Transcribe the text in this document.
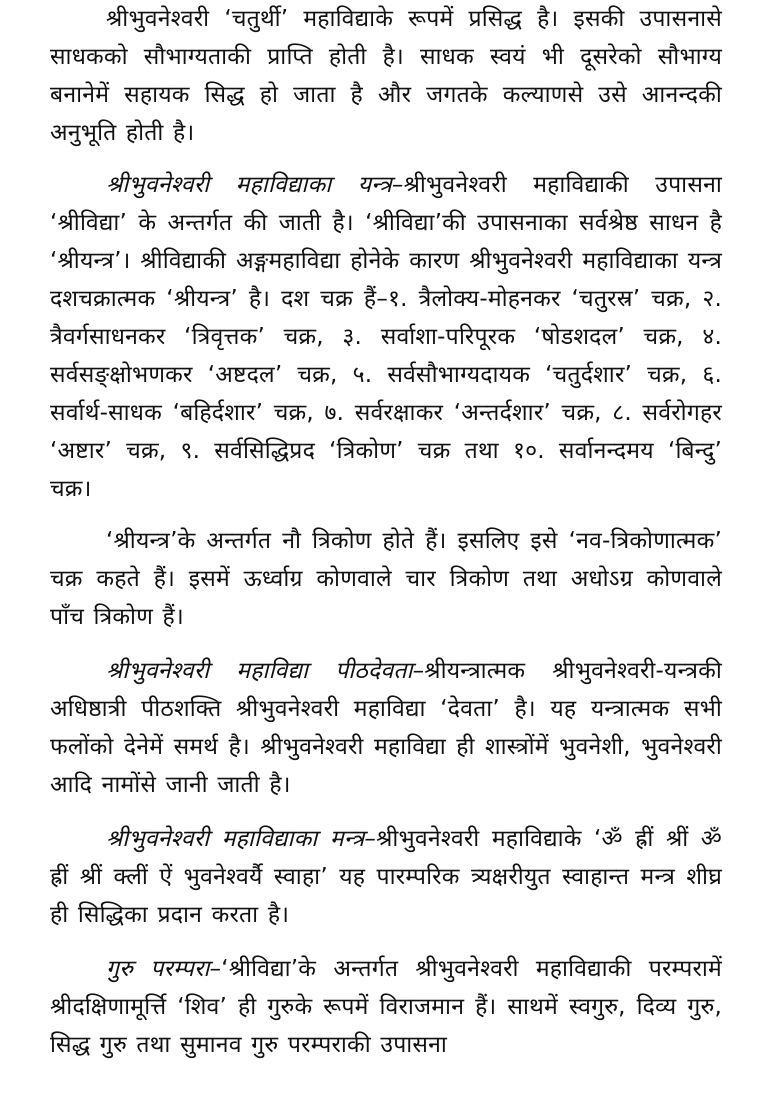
श्रीभुवनेश्वरी ‘चतुर्थी’ महाविद्याके रूपमें प्रसिद्ध है। इसकी उपासनासे साधकको सौभाग्यताकी प्राप्ति होती है। साधक स्वयं भी दूसरेको सौभाग्य बनानेमें सहायक सिद्ध हो जाता है और जगतके कल्याणसे उसे आनन्दकी अनुभूति होती है।

श्रीभुवनेश्वरी महाविद्याका यन्त्र–श्रीभुवनेश्वरी महाविद्याकी उपासना ‘श्रीविद्या’ के अन्तर्गत की जाती है। ‘श्रीविद्या’की उपासनाका सर्वश्रेष्ठ साधन है ‘श्रीयन्त्र’। श्रीविद्याकी अङ्गमहाविद्या होनेके कारण श्रीभुवनेश्वरी महाविद्याका यन्त्र दशचक्रात्मक ‘श्रीयन्त्र’ है। दश चक्र हैं–१. त्रैलोक्य-मोहनकर ‘चतुरस्र’ चक्र, २. त्रैवर्गसाधनकर ‘त्रिवृत्तक’ चक्र, ३. सर्वाशा-परिपूरक ‘षोडशदल’ चक्र, ४. सर्वसङ्क्षोभणकर ‘अष्टदल’ चक्र, ५. सर्वसौभाग्यदायक ‘चतुर्दशार’ चक्र, ६. सर्वार्थ-साधक ‘बहिर्दशार’ चक्र, ७. सर्वरक्षाकर ‘अन्तर्दशार’ चक्र, ८. सर्वरोगहर ‘अष्टार’ चक्र, ९. सर्वसिद्धिप्रद ‘त्रिकोण’ चक्र तथा १०. सर्वानन्दमय ‘बिन्दु’ चक्र।

‘श्रीयन्त्र’के अन्तर्गत नौ त्रिकोण होते हैं। इसलिए इसे ‘नव-त्रिकोणात्मक’ चक्र कहते हैं। इसमें ऊर्ध्वाग्र कोणवाले चार त्रिकोण तथा अधोऽग्र कोणवाले पाँच त्रिकोण हैं।

श्रीभुवनेश्वरी महाविद्या पीठदेवता–श्रीयन्त्रात्मक श्रीभुवनेश्वरी-यन्त्रकी अधिष्ठात्री पीठशक्ति श्रीभुवनेश्वरी महाविद्या ‘देवता’ है। यह यन्त्रात्मक सभी फलोंको देनेमें समर्थ है। श्रीभुवनेश्वरी महाविद्या ही शास्त्रोंमें भुवनेशी, भुवनेश्वरी आदि नामोंसे जानी जाती है।

श्रीभुवनेश्वरी महाविद्याका मन्त्र–श्रीभुवनेश्वरी महाविद्याके ‘ॐ ह्रीं श्रीं ॐ ह्रीं श्रीं क्लीं ऐं भुवनेश्वर्यै स्वाहा’ यह पारम्परिक त्र्यक्षरीयुत स्वाहान्त मन्त्र शीघ्र ही सिद्धिका प्रदान करता है।

गुरु परम्परा–‘श्रीविद्या’के अन्तर्गत श्रीभुवनेश्वरी महाविद्याकी परम्परामें श्रीदक्षिणामूर्त्ति ‘शिव’ ही गुरुके रूपमें विराजमान हैं। साथमें स्वगुरु, दिव्य गुरु, सिद्ध गुरु तथा सुमानव गुरु परम्पराकी उपासना
